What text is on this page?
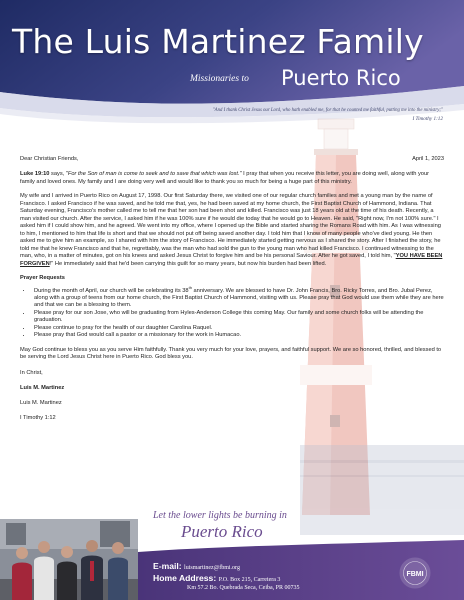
The Luis Martinez Family
Missionaries to Puerto Rico
"And I thank Christ Jesus our Lord, who hath enabled me, for that he counted me faithful, putting me into the ministry;"
I Timothy 1:12
Dear Christian Friends,	April 1, 2023

Luke 19:10 says, "For the Son of man is come to seek and to save that which was lost." I pray that when you receive this letter, you are doing well, along with your family and loved ones. My family and I are doing very well and would like to thank you so much for being a huge part of this ministry.

My wife and I arrived in Puerto Rico on August 17, 1998. Our first Saturday there, we visited one of our regular church families and met a young man by the name of Francisco. I asked Francisco if he was saved, and he told me that, yes, he had been saved at my home church, the First Baptist Church of Hammond, Indiana. That Saturday evening, Francisco's mother called me to tell me that her son had been shot and killed. Francisco was just 18 years old at the time of his death. Recently, a man visited our church. After the service, I asked him if he was 100% sure if he would die today that he would go to Heaven. He said, "Right now, I'm not 100% sure." I asked him if I could show him, and he agreed. We went into my office, where I opened up the Bible and started sharing the Romans Road with him. As I was witnessing to him, I mentioned to him that life is short and that we should not put off being saved another day. I told him that I know of many people who've died young. He then asked me to give him an example, so I shared with him the story of Francisco. He immediately started getting nervous as I shared the story. After I finished the story, he told me that he knew Francisco and that he, regrettably, was the man who had sold the gun to the young man who had killed Francisco. I continued witnessing to the man, who, in a matter of minutes, got on his knees and asked Jesus Christ to forgive him and be his personal Saviour. After he got saved, I told him, "YOU HAVE BEEN FORGIVEN!" He immediately said that he'd been carrying this guilt for so many years, but now his burden had been lifted.

Prayer Requests
• During the month of April, our church will be celebrating its 38th anniversary. We are blessed to have Dr. John Francis, Bro. Ricky Torres, and Bro. Jubal Perez, along with a group of teens from our home church, the First Baptist Church of Hammond, visiting with us. Please pray that God would use them while they are here and that we can be a blessing to them.
• Please pray for our son Jose, who will be graduating from Hyles-Anderson College this coming May. Our family and some church folks will be attending the graduation.
• Please continue to pray for the health of our daughter Carolina Raquel.
• Please pray that God would call a pastor or a missionary for the work in Humacao.

May God continue to bless you as you serve Him faithfully. Thank you very much for your love, prayers, and faithful support. We are so honored, thrilled, and blessed to be serving the Lord Jesus Christ here in Puerto Rico. God bless you.

In Christ,

Luis M. Martinez

Luis M. Martinez

I Timothy 1:12

Let the lower lights be burning in
Puerto Rico
E-mail: luismartinez@fbmi.org
Home Address: P.O. Box 215, Carretera 3
Km 57.2 Bo. Quebrada Seca, Ceiba, PR 00735
FBMI
